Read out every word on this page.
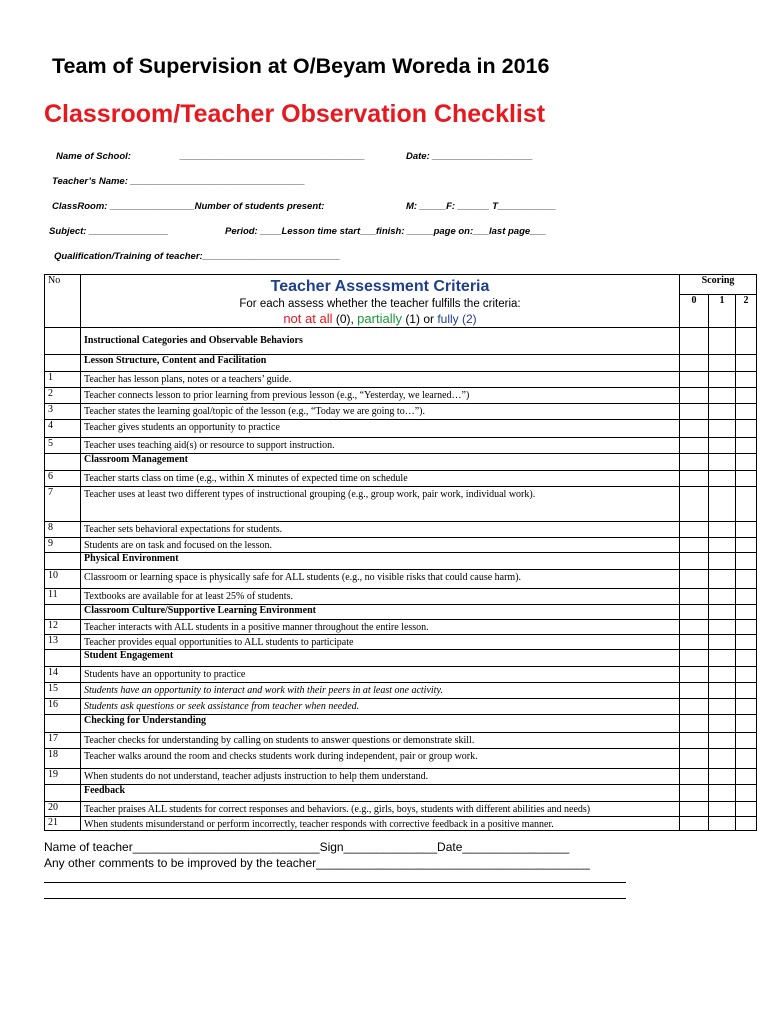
Team of Supervision at O/Beyam Woreda in 2016
Classroom/Teacher Observation Checklist
Name of School:	___________________________________	Date: ___________________
Teacher’s Name: _________________________________
ClassRoom: ________________Number of students present:	M: _____F: ______ T___________
Subject: _______________	Period: ____Lesson time start___finish: _____page on:___last page___
Qualification/Training of teacher:__________________________
No	Teacher Assessment Criteria
For each assess whether the teacher fulfills the criteria:
not at all (0), partially (1) or fully (2)	Scoring		
		0	1	2
	Instructional Categories and Observable Behaviors			
	Lesson Structure, Content and Facilitation			
1	Teacher has lesson plans, notes or a teachers’ guide.			
2	Teacher connects lesson to prior learning from previous lesson (e.g., “Yesterday, we learned…”)			
3	Teacher states the learning goal/topic of the lesson (e.g., “Today we are going to…”).			
4	Teacher gives students an opportunity to practice			
5	Teacher uses teaching aid(s) or resource to support instruction.			
	Classroom Management			
6	Teacher starts class on time (e.g., within X minutes of expected time on schedule			
7	Teacher uses at least two different types of instructional grouping (e.g., group work, pair work, individual work).			
8	Teacher sets behavioral expectations for students.			
9	Students are on task and focused on the lesson.			
	Physical Environment			
10	Classroom or learning space is physically safe for ALL students (e.g., no visible risks that could cause harm).			
11	Textbooks are available for at least 25% of students.			
	Classroom Culture/Supportive Learning Environment			
12	Teacher interacts with ALL students in a positive manner throughout the entire lesson.			
13	Teacher provides equal opportunities to ALL students to participate			
	Student Engagement			
14	Students have an opportunity to practice			
15	Students have an opportunity to interact and work with their peers in at least one activity.			
16	Students ask questions or seek assistance from teacher when needed.			
	Checking for Understanding			
17	Teacher checks for understanding by calling on students to answer questions or demonstrate skill.			
18	Teacher walks around the room and checks students work during independent, pair or group work.			
19	When students do not understand, teacher adjusts instruction to help them understand.			
	Feedback			
20	Teacher praises ALL students for correct responses and behaviors. (e.g., girls, boys, students with different abilities and needs)			
21	When students misunderstand or perform incorrectly, teacher responds with corrective feedback in a positive manner.			
Name of teacher____________________________Sign______________Date________________
Any other comments to be improved by the teacher_________________________________________
